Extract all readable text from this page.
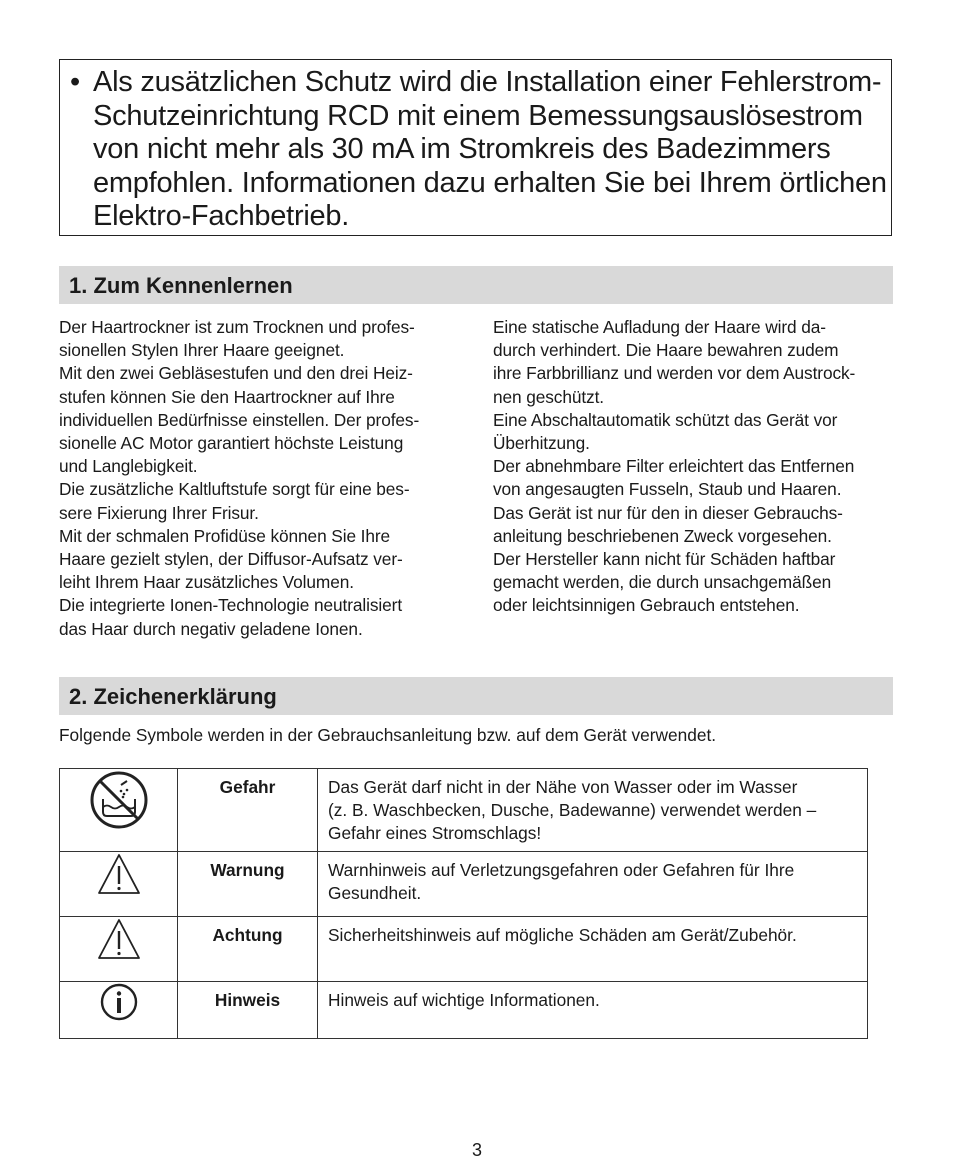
• Als zusätzlichen Schutz wird die Installation einer Fehlerstrom-Schutzeinrichtung RCD mit einem Bemessungsauslösestrom von nicht mehr als 30 mA im Stromkreis des Badezimmers empfohlen. Informationen dazu erhalten Sie bei Ihrem örtlichen Elektro-Fachbetrieb.
1. Zum Kennenlernen

Der Haartrockner ist zum Trocknen und profes-
sionellen Stylen Ihrer Haare geeignet.
Mit den zwei Gebläsestufen und den drei Heiz-
stufen können Sie den Haartrockner auf Ihre
individuellen Bedürfnisse einstellen. Der profes-
sionelle AC Motor garantiert höchste Leistung
und Langlebigkeit.
Die zusätzliche Kaltluftstufe sorgt für eine bes-
sere Fixierung Ihrer Frisur.
Mit der schmalen Profidüse können Sie Ihre
Haare gezielt stylen, der Diffusor-Aufsatz ver-
leiht Ihrem Haar zusätzliches Volumen.
Die integrierte Ionen-Technologie neutralisiert
das Haar durch negativ geladene Ionen.

Eine statische Aufladung der Haare wird da-
durch verhindert. Die Haare bewahren zudem
ihre Farbbrillianz und werden vor dem Austrock-
nen geschützt.
Eine Abschaltautomatik schützt das Gerät vor
Überhitzung.
Der abnehmbare Filter erleichtert das Entfernen
von angesaugten Fusseln, Staub und Haaren.
Das Gerät ist nur für den in dieser Gebrauchs-
anleitung beschriebenen Zweck vorgesehen.
Der Hersteller kann nicht für Schäden haftbar
gemacht werden, die durch unsachgemäßen
oder leichtsinnigen Gebrauch entstehen.

2. Zeichenerklärung
Folgende Symbole werden in der Gebrauchsanleitung bzw. auf dem Gerät verwendet.
	Gefahr	Das Gerät darf nicht in der Nähe von Wasser oder im Wasser
(z. B. Waschbecken, Dusche, Badewanne) verwendet werden –
Gefahr eines Stromschlags!
	Warnung	Warnhinweis auf Verletzungsgefahren oder Gefahren für Ihre
Gesundheit.
	Achtung	Sicherheitshinweis auf mögliche Schäden am Gerät/Zubehör.
	Hinweis	Hinweis auf wichtige Informationen.
3
